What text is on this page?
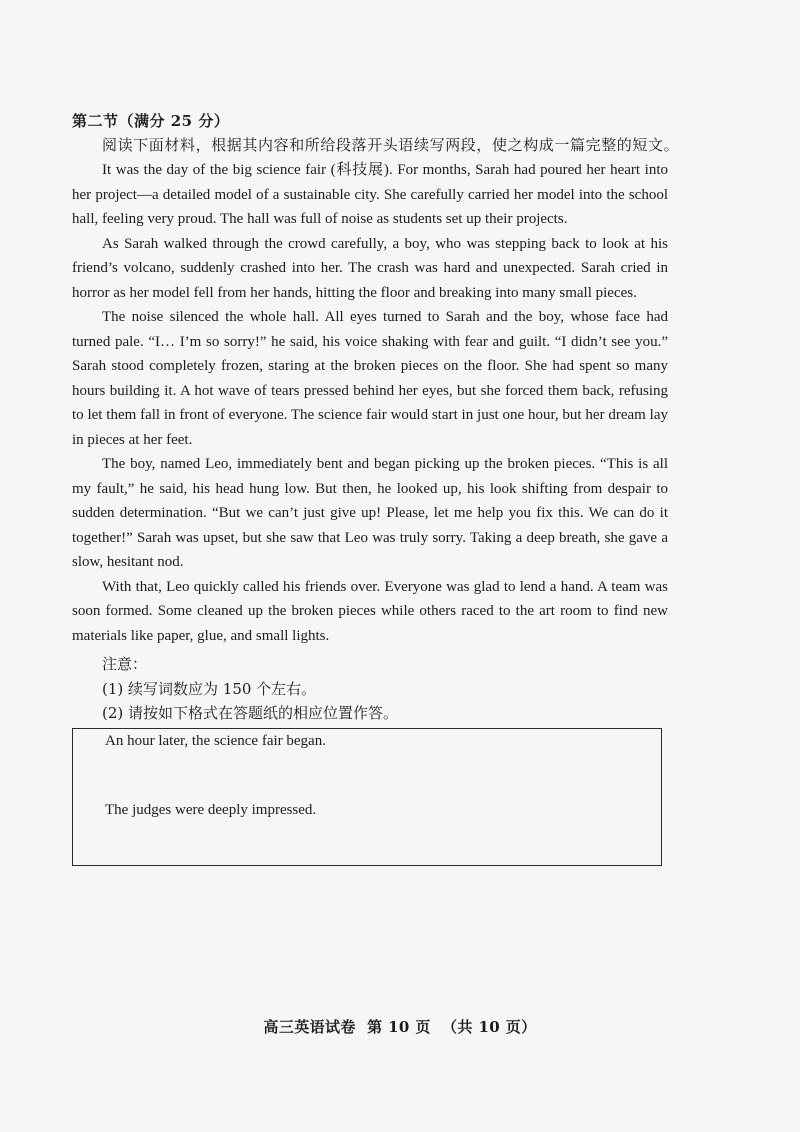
第二节（满分 25 分）
阅读下面材料，根据其内容和所给段落开头语续写两段，使之构成一篇完整的短文。

It was the day of the big science fair (科技展). For months, Sarah had poured her heart into her project—a detailed model of a sustainable city. She carefully carried her model into the school hall, feeling very proud. The hall was full of noise as students set up their projects.

As Sarah walked through the crowd carefully, a boy, who was stepping back to look at his friend’s volcano, suddenly crashed into her. The crash was hard and unexpected. Sarah cried in horror as her model fell from her hands, hitting the floor and breaking into many small pieces.

The noise silenced the whole hall. All eyes turned to Sarah and the boy, whose face had turned pale. “I… I’m so sorry!” he said, his voice shaking with fear and guilt. “I didn’t see you.” Sarah stood completely frozen, staring at the broken pieces on the floor. She had spent so many hours building it. A hot wave of tears pressed behind her eyes, but she forced them back, refusing to let them fall in front of everyone. The science fair would start in just one hour, but her dream lay in pieces at her feet.

The boy, named Leo, immediately bent and began picking up the broken pieces. “This is all my fault,” he said, his head hung low. But then, he looked up, his look shifting from despair to sudden determination. “But we can’t just give up! Please, let me help you fix this. We can do it together!” Sarah was upset, but she saw that Leo was truly sorry. Taking a deep breath, she gave a slow, hesitant nod.

With that, Leo quickly called his friends over. Everyone was glad to lend a hand. A team was soon formed. Some cleaned up the broken pieces while others raced to the art room to find new materials like paper, glue, and small lights.

注意：
(1) 续写词数应为 150 个左右。
(2) 请按如下格式在答题纸的相应位置作答。
An hour later, the science fair began.
The judges were deeply impressed.
高三英语试卷  第 10 页  （共 10 页）
